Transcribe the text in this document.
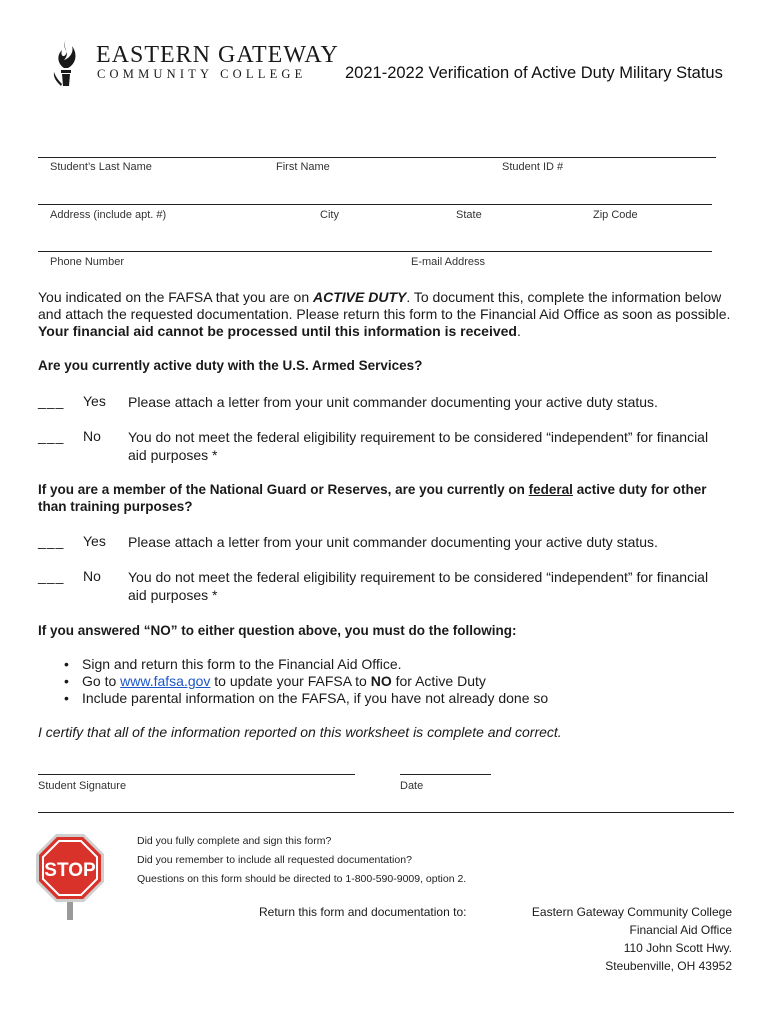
EASTERN GATEWAY
COMMUNITY COLLEGE 2021-2022 Verification of Active Duty Military Status
Student’s Last Name	First Name	Student ID #
Address (include apt. #)	City	State	Zip Code
Phone Number	E-mail Address
You indicated on the FAFSA that you are on ACTIVE DUTY. To document this, complete the information below and attach the requested documentation. Please return this form to the Financial Aid Office as soon as possible. Your financial aid cannot be processed until this information is received.
Are you currently active duty with the U.S. Armed Services?
___ Yes Please attach a letter from your unit commander documenting your active duty status.
___ No You do not meet the federal eligibility requirement to be considered “independent” for financial aid purposes *
If you are a member of the National Guard or Reserves, are you currently on federal active duty for other than training purposes?
___ Yes Please attach a letter from your unit commander documenting your active duty status.
___ No You do not meet the federal eligibility requirement to be considered “independent” for financial aid purposes *
If you answered “NO” to either question above, you must do the following:
• Sign and return this form to the Financial Aid Office.
• Go to www.fafsa.gov to update your FAFSA to NO for Active Duty
• Include parental information on the FAFSA, if you have not already done so
I certify that all of the information reported on this worksheet is complete and correct.
Student Signature	Date
STOP
Did you fully complete and sign this form?
Did you remember to include all requested documentation?
Questions on this form should be directed to 1-800-590-9009, option 2.
Return this form and documentation to:	Eastern Gateway Community College
Financial Aid Office
110 John Scott Hwy.
Steubenville, OH 43952
